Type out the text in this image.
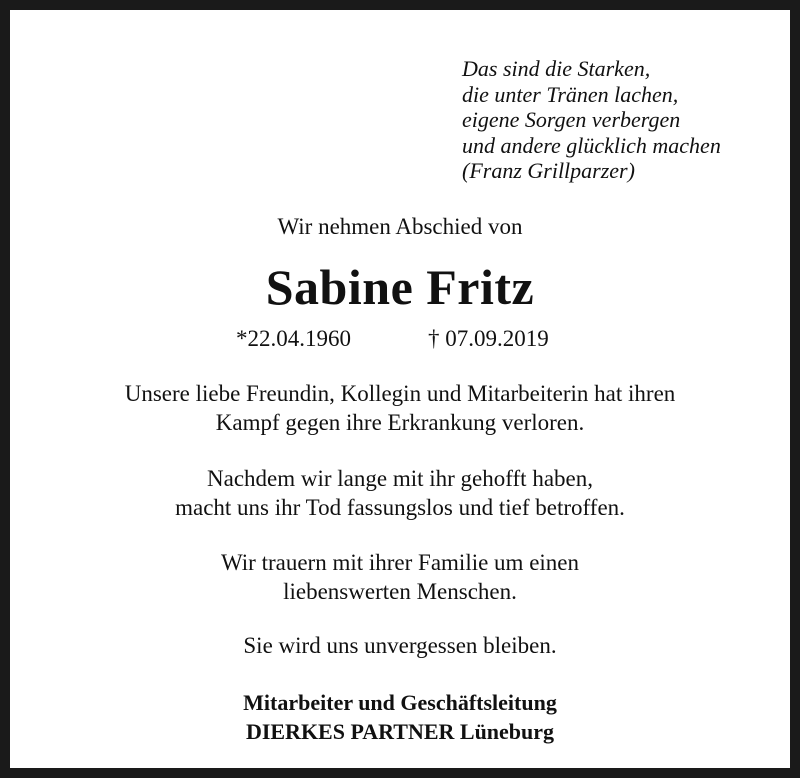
Das sind die Starken,
die unter Tränen lachen,
eigene Sorgen verbergen
und andere glücklich machen
(Franz Grillparzer)
Wir nehmen Abschied von
Sabine Fritz
*22.04.1960	† 07.09.2019
Unsere liebe Freundin, Kollegin und Mitarbeiterin hat ihren
Kampf gegen ihre Erkrankung verloren.
Nachdem wir lange mit ihr gehofft haben,
macht uns ihr Tod fassungslos und tief betroffen.
Wir trauern mit ihrer Familie um einen
liebenswerten Menschen.
Sie wird uns unvergessen bleiben.
Mitarbeiter und Geschäftsleitung
DIERKES PARTNER Lüneburg
